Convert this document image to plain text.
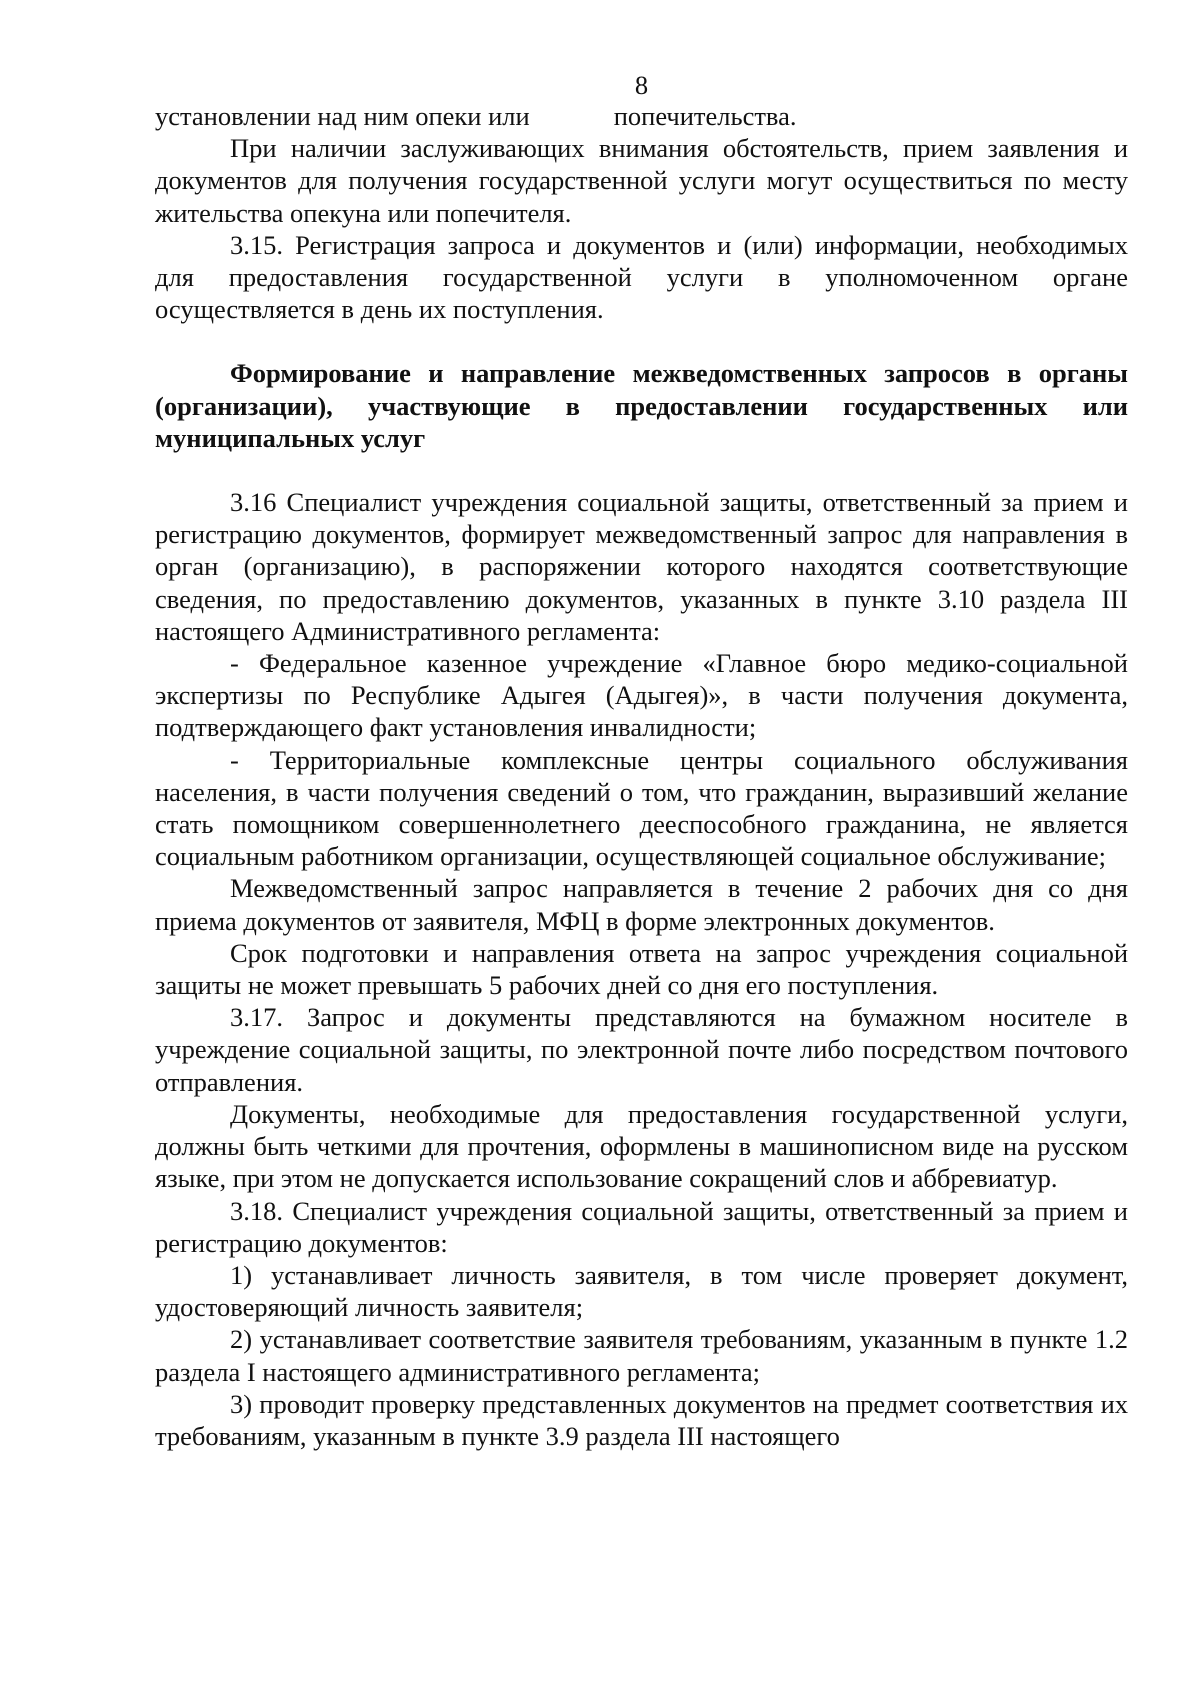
8

установлении над ним опеки или	попечительства.

При наличии заслуживающих внимания обстоятельств, прием заявления и документов для получения государственной услуги могут осуществиться по месту жительства опекуна или попечителя.

3.15. Регистрация запроса и документов и (или) информации, необходимых для предоставления государственной услуги в уполномоченном органе осуществляется в день их поступления.

Формирование и направление межведомственных запросов в органы (организации), участвующие в предоставлении государственных или муниципальных услуг

3.16 Специалист учреждения социальной защиты, ответственный за прием и регистрацию документов, формирует межведомственный запрос для направления в орган (организацию), в распоряжении которого находятся соответствующие сведения, по предоставлению документов, указанных в пункте 3.10 раздела III настоящего Административного регламента:

- Федеральное казенное учреждение «Главное бюро медико-социальной экспертизы по Республике Адыгея (Адыгея)», в части получения документа, подтверждающего факт установления инвалидности;

- Территориальные комплексные центры социального обслуживания населения, в части получения сведений о том, что гражданин, выразивший желание стать помощником совершеннолетнего дееспособного гражданина, не является социальным работником организации, осуществляющей социальное обслуживание;

Межведомственный запрос направляется в течение 2 рабочих дня со дня приема документов от заявителя, МФЦ в форме электронных документов.

Срок подготовки и направления ответа на запрос учреждения социальной защиты не может превышать 5 рабочих дней со дня его поступления.

3.17. Запрос и документы представляются на бумажном носителе в учреждение социальной защиты, по электронной почте либо посредством почтового отправления.

Документы, необходимые для предоставления государственной услуги, должны быть четкими для прочтения, оформлены в машинописном виде на русском языке, при этом не допускается использование сокращений слов и аббревиатур.

3.18. Специалист учреждения социальной защиты, ответственный за прием и регистрацию документов:

1) устанавливает личность заявителя, в том числе проверяет документ, удостоверяющий личность заявителя;

2) устанавливает соответствие заявителя требованиям, указанным в пункте 1.2 раздела I настоящего административного регламента;

3) проводит проверку представленных документов на предмет соответствия их требованиям, указанным в пункте 3.9 раздела III настоящего
